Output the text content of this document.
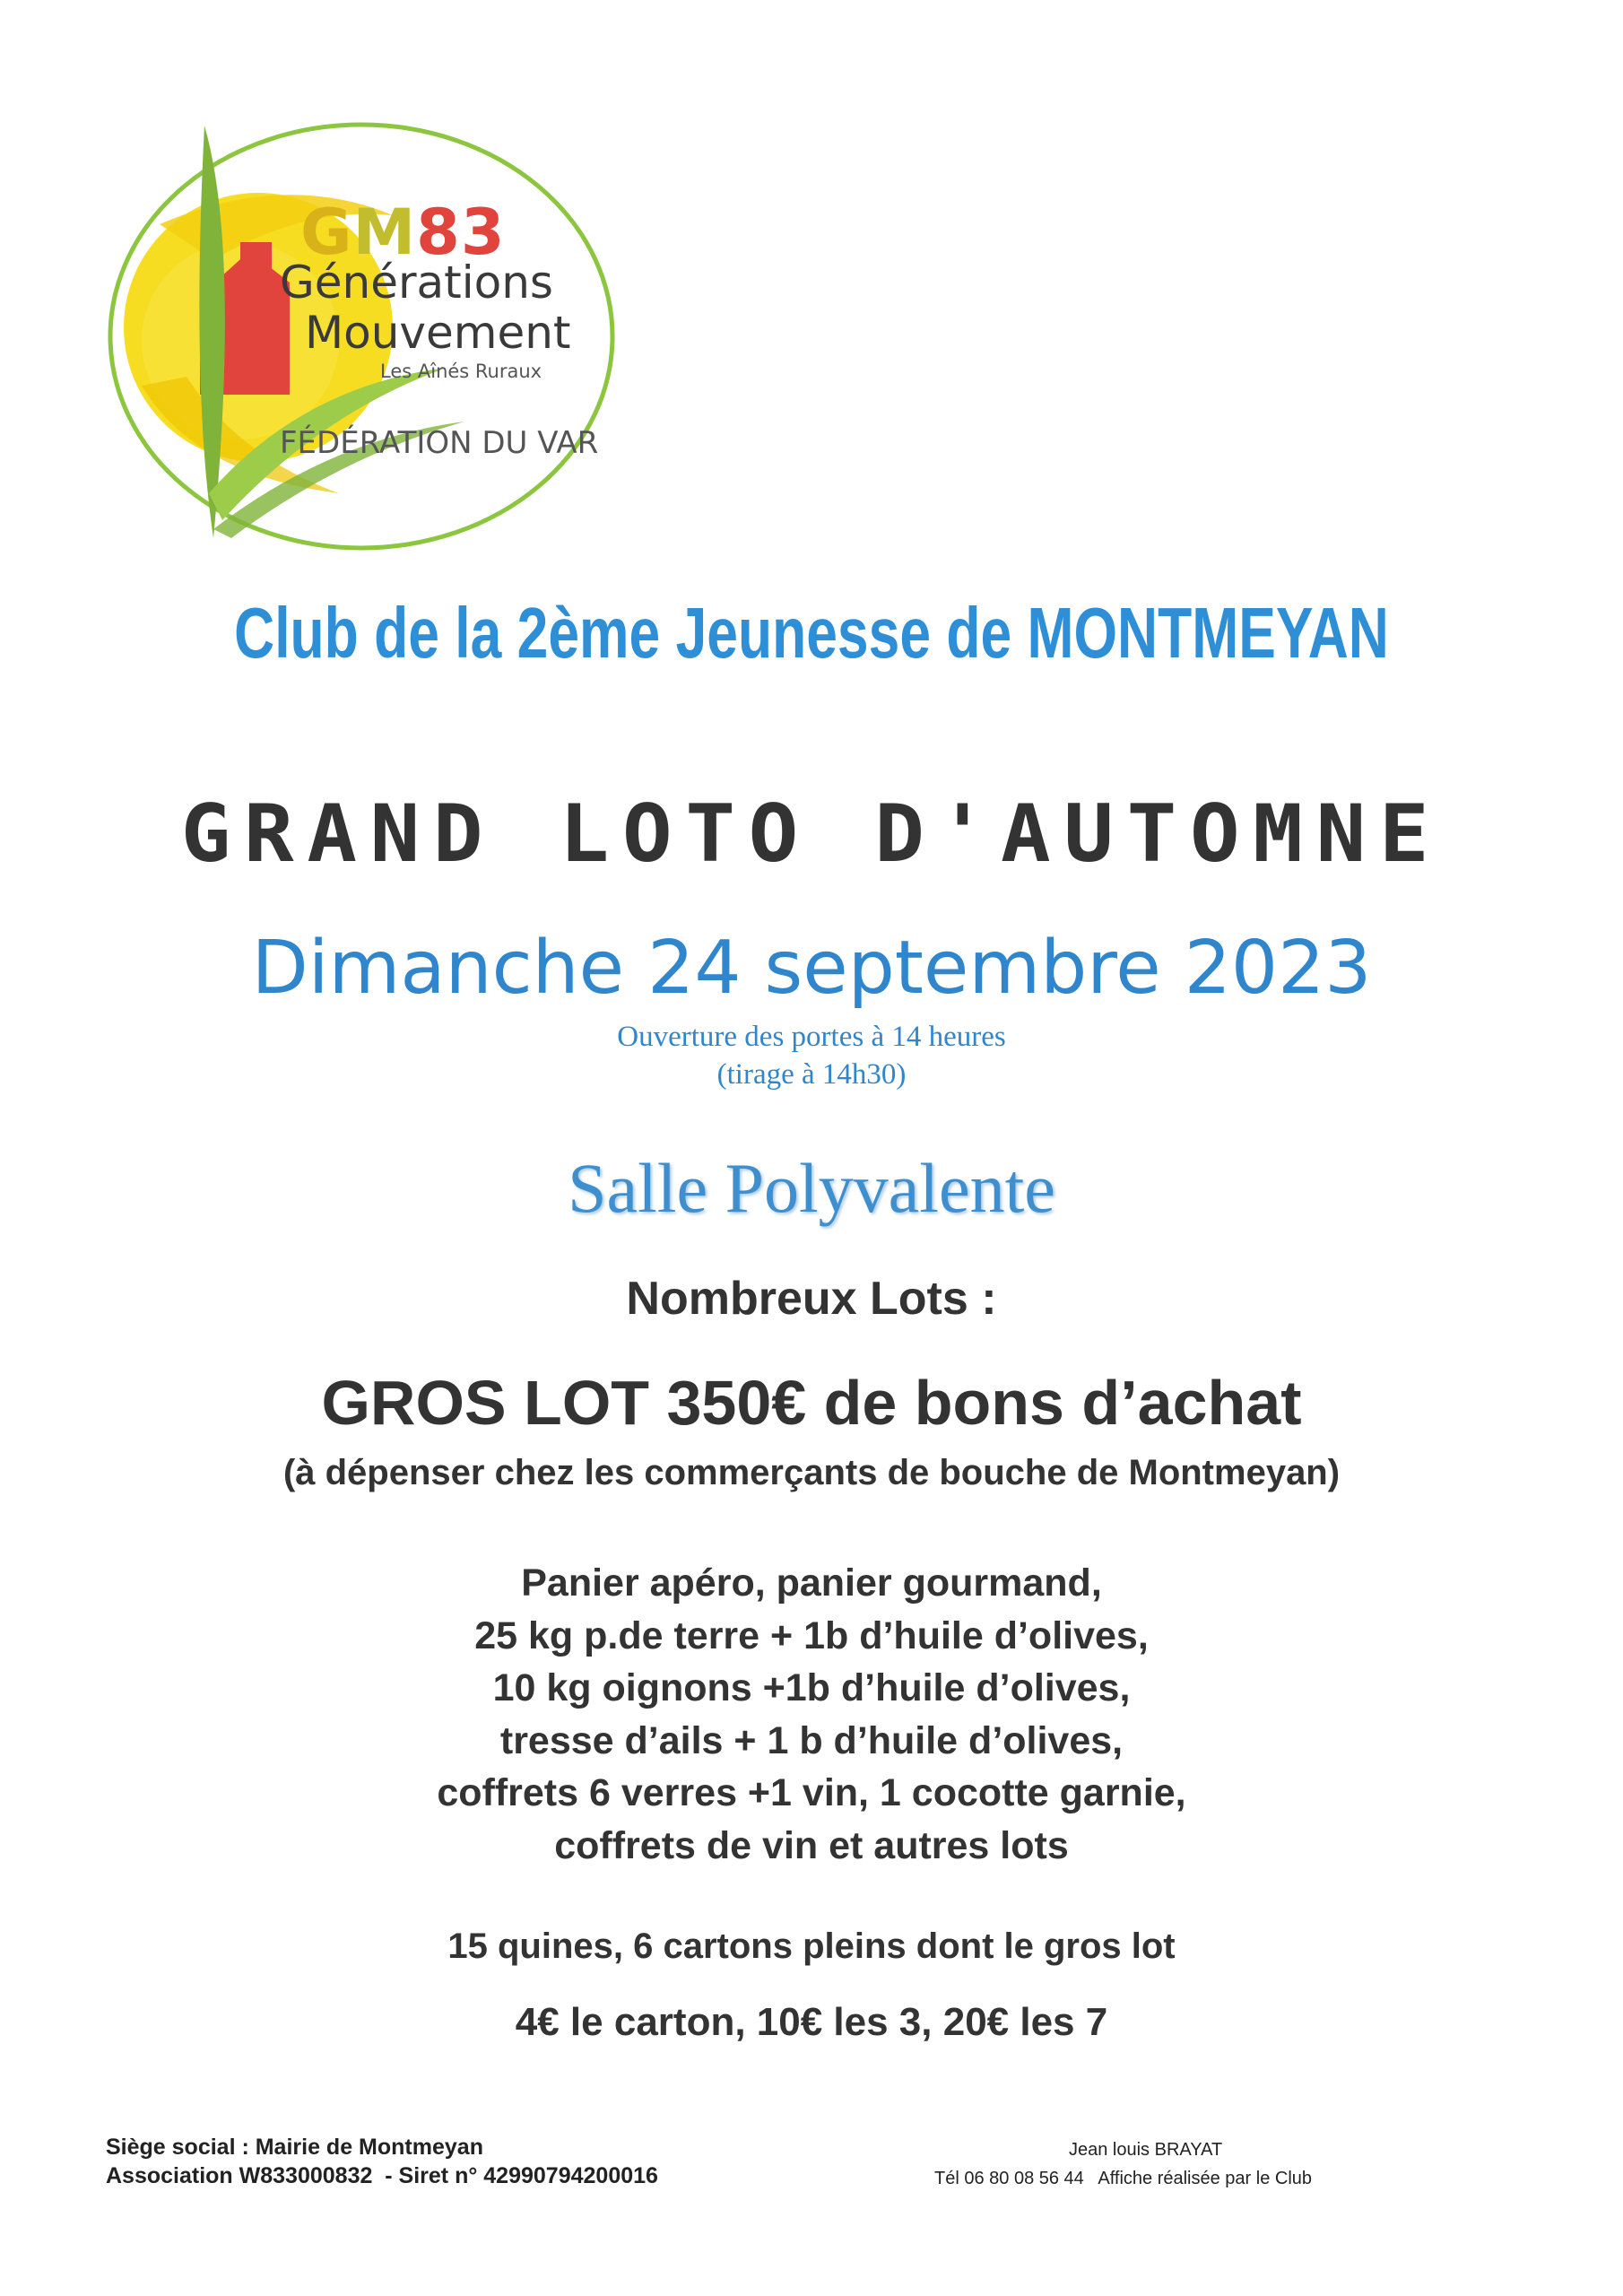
GM83
Générations
Mouvement
Les Aînés Ruraux
FÉDÉRATION DU VAR
Club de la 2ème Jeunesse de MONTMEYAN
GRAND LOTO D'AUTOMNE
Dimanche 24 septembre 2023
Ouverture des portes à 14 heures
(tirage à 14h30)
Salle Polyvalente
Nombreux Lots :
GROS LOT 350€ de bons d’achat
(à dépenser chez les commerçants de bouche de Montmeyan)
Panier apéro, panier gourmand,
25 kg p.de terre + 1b d’huile d’olives,
10 kg oignons +1b d’huile d’olives,
tresse d’ails + 1 b d’huile d’olives,
coffrets 6 verres +1 vin, 1 cocotte garnie,
coffrets de vin et autres lots
15 quines, 6 cartons pleins dont le gros lot
4€ le carton, 10€ les 3, 20€ les 7
Siège social : Mairie de Montmeyan
Association W833000832  - Siret n° 42990794200016
Jean louis BRAYAT
Tél 06 80 08 56 44   Affiche réalisée par le Club
